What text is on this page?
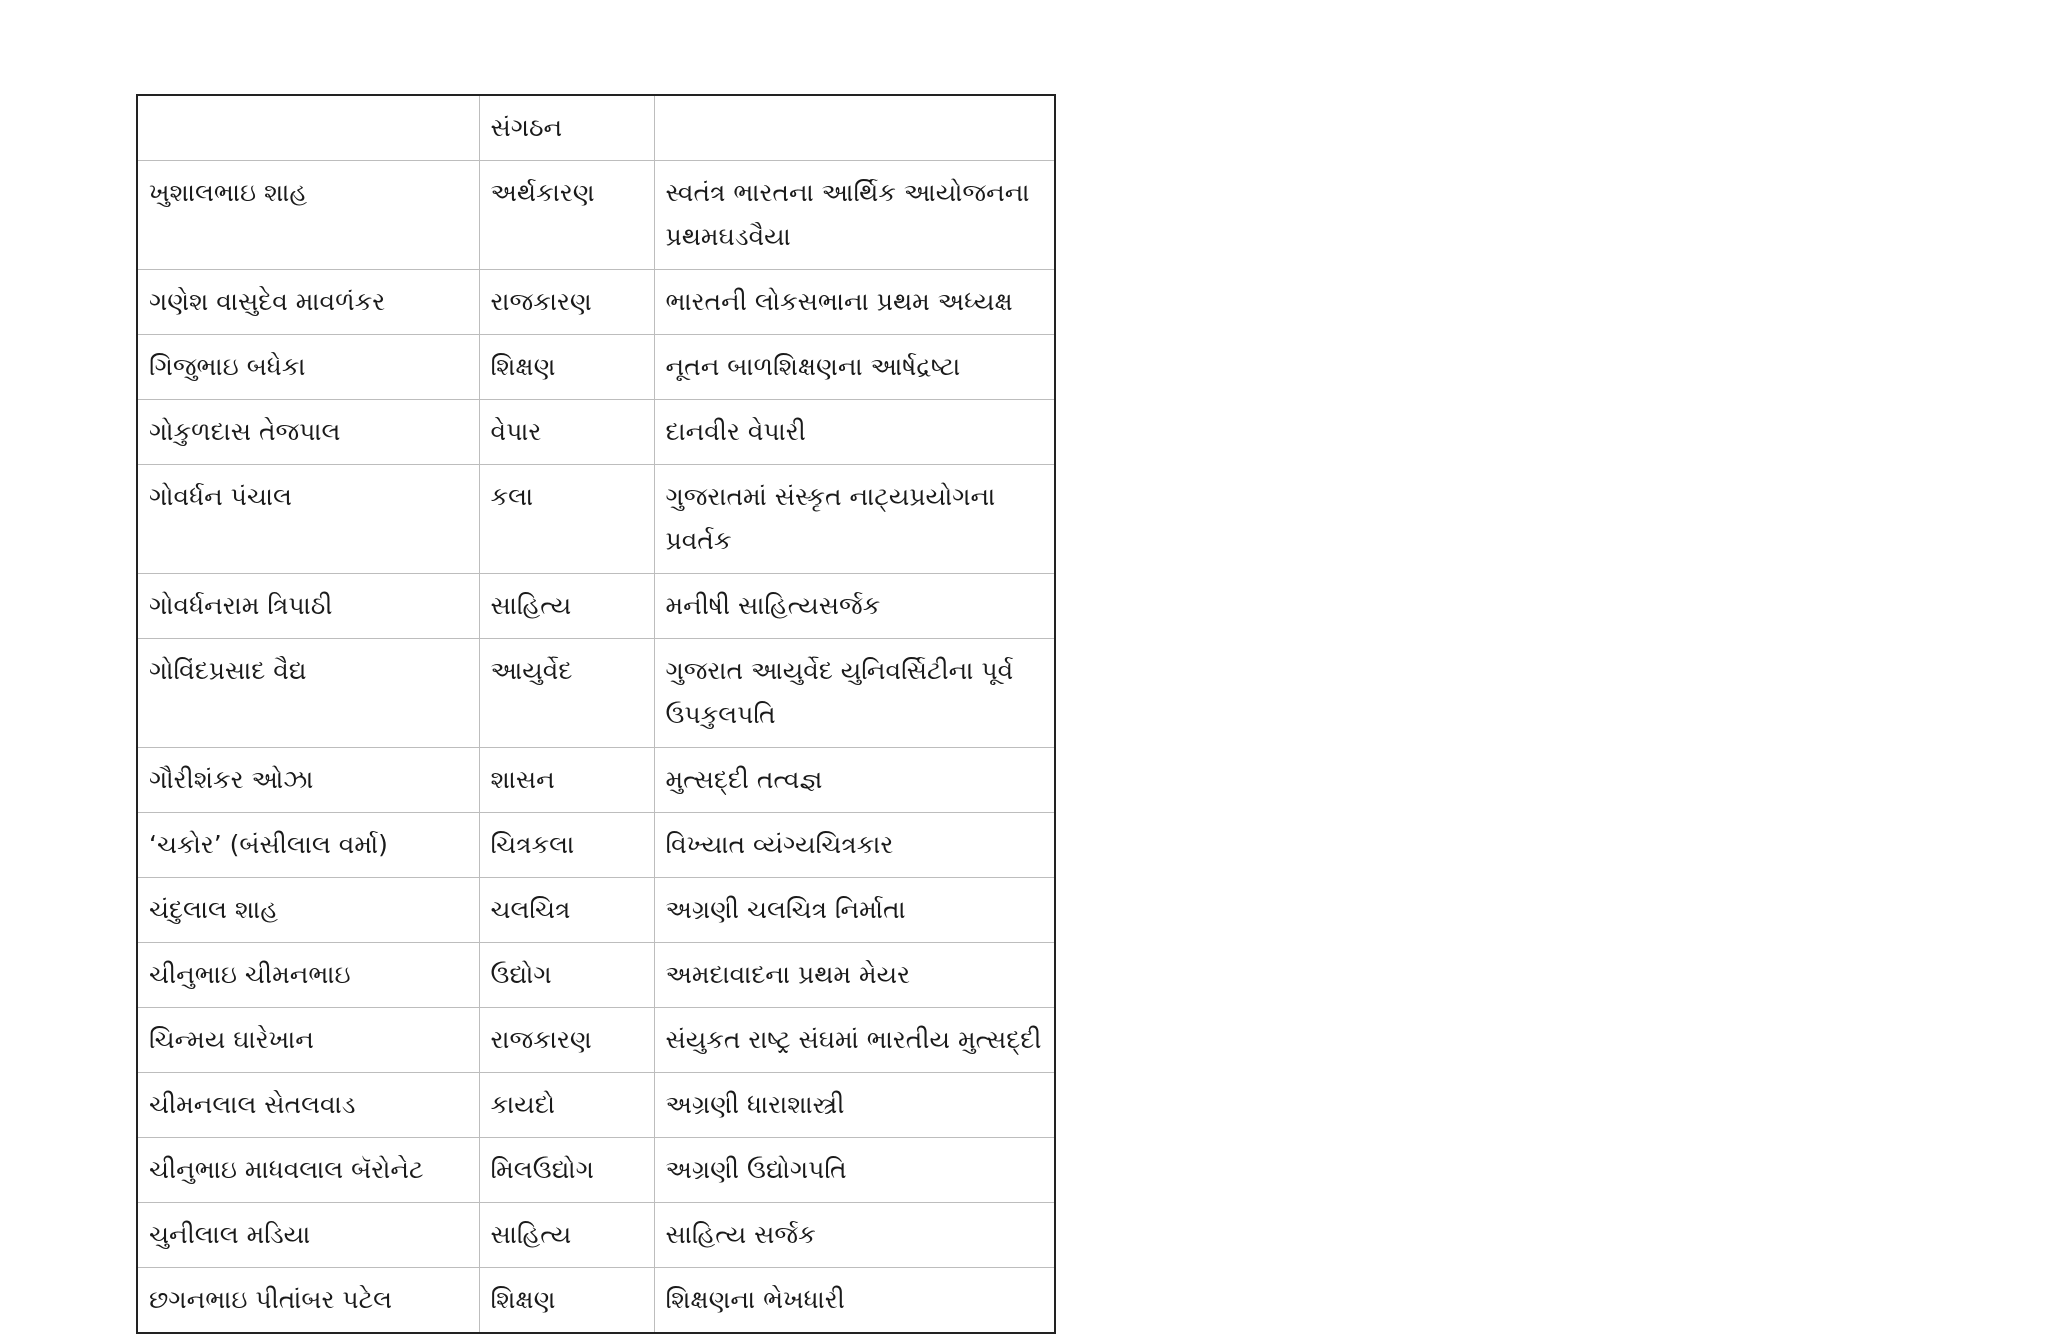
	સંગઠન	
ખુશાલભાઇ શાહ	અર્થકારણ	સ્વતંત્ર ભારતના આર્થિક આયોજનના પ્રથમઘડવૈયા
ગણેશ વાસુદેવ માવળંકર	રાજકારણ	ભારતની લોકસભાના પ્રથમ અધ્યક્ષ
ગિજુભાઇ બધેકા	શિક્ષણ	નૂતન બાળશિક્ષણના આર્ષદ્રષ્ટા
ગોકુળદાસ તેજપાલ	વેપાર	દાનવીર વેપારી
ગોવર્ધન પંચાલ	કલા	ગુજરાતમાં સંસ્કૃત નાટ્યપ્રયોગના પ્રવર્તક
ગોવર્ધનરામ ત્રિપાઠી	સાહિત્ય	મનીષી સાહિત્યસર્જક
ગોવિંદપ્રસાદ વૈદ્ય	આયુર્વેદ	ગુજરાત આયુર્વેદ યુનિવર્સિટીના પૂર્વ ઉપકુલપતિ
ગૌરીશંકર ઓઝા	શાસન	મુત્સદ્દી તત્વજ્ઞ
‘ચકોર’ (બંસીલાલ વર્મા)	ચિત્રકલા	વિખ્યાત વ્યંગ્યચિત્રકાર
ચંદુલાલ શાહ	ચલચિત્ર	અગ્રણી ચલચિત્ર નિર્માતા
ચીનુભાઇ ચીમનભાઇ	ઉદ્યોગ	અમદાવાદના પ્રથમ મેયર
ચિન્મય ઘારેખાન	રાજકારણ	સંયુકત રાષ્ટ્ર સંઘમાં ભારતીય મુત્સદ્દી
ચીમનલાલ સેતલવાડ	કાયદો	અગ્રણી ધારાશાસ્ત્રી
ચીનુભાઇ માધવલાલ બૅરોનેટ	મિલઉદ્યોગ	અગ્રણી ઉદ્યોગપતિ
ચુનીલાલ મડિયા	સાહિત્ય	સાહિત્ય સર્જક
છગનભાઇ પીતાંબર પટેલ	શિક્ષણ	શિક્ષણના ભેખધારી
